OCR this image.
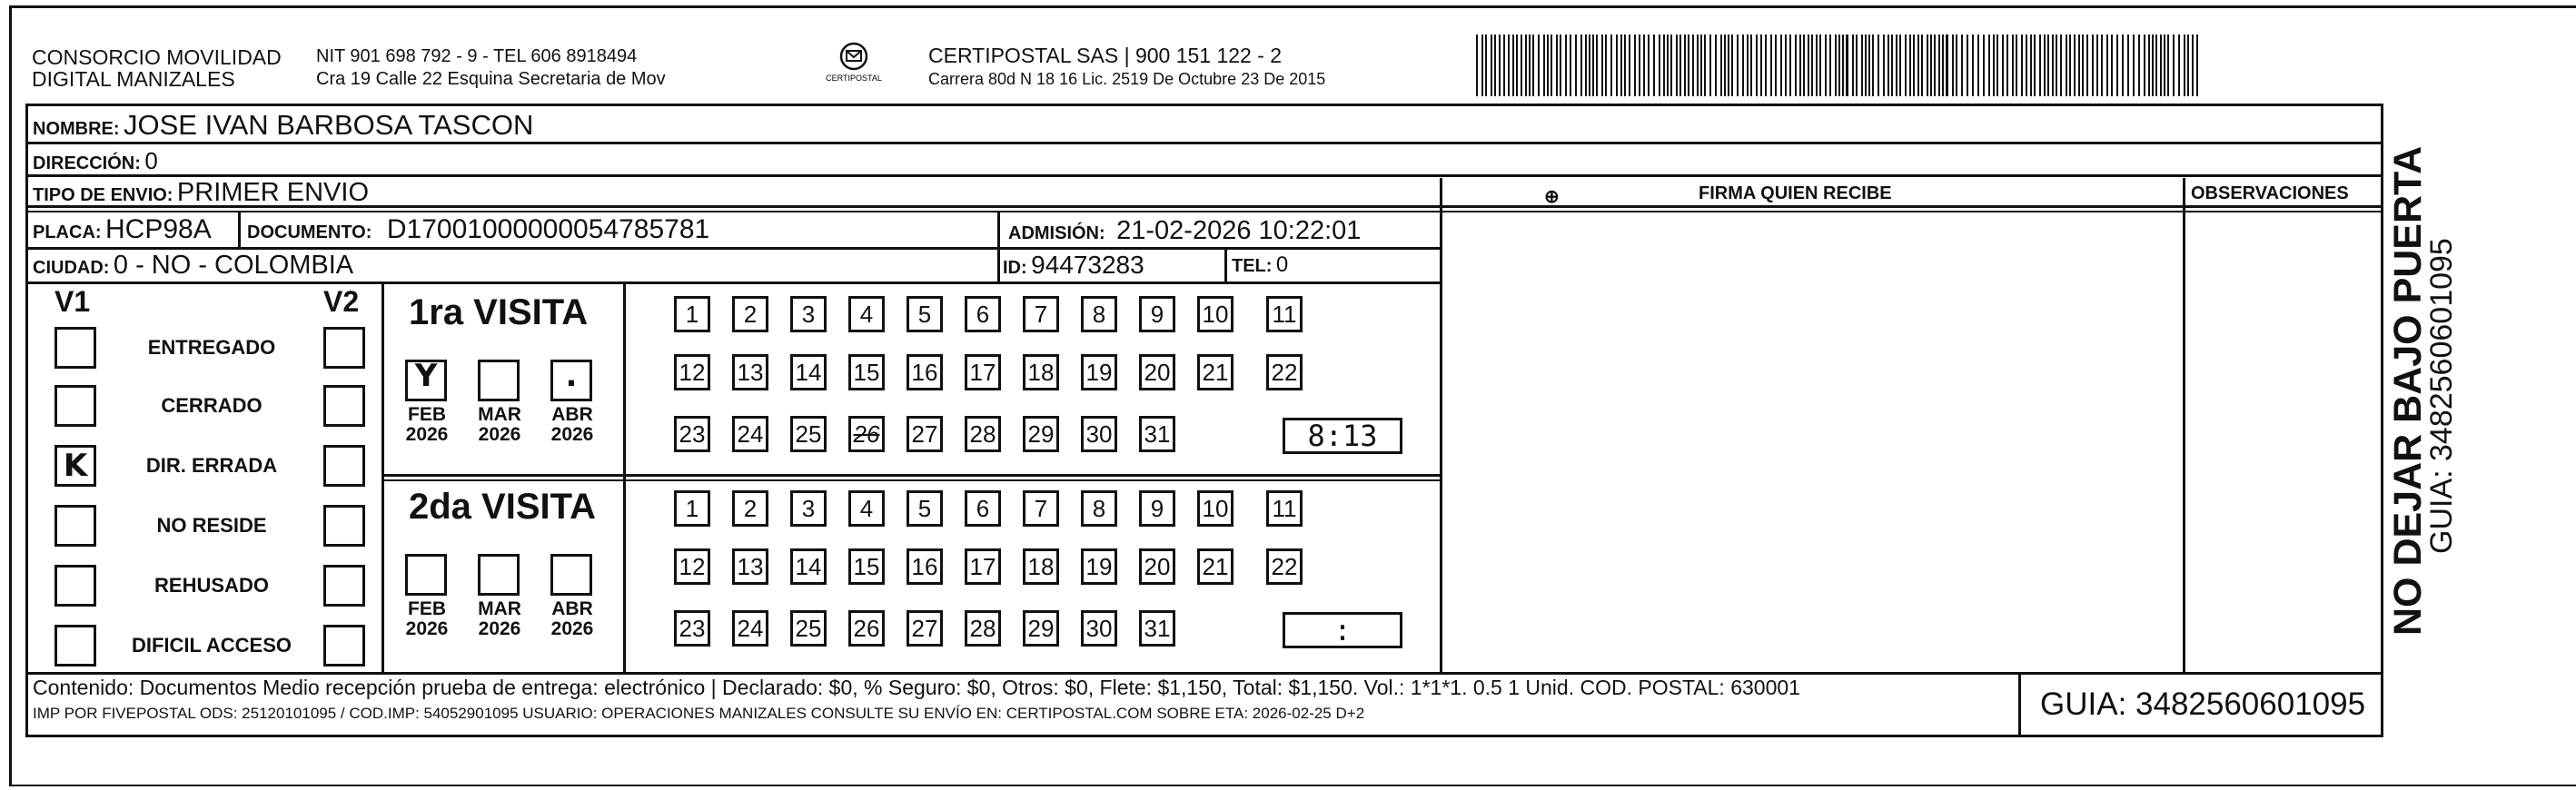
CONSORCIO MOVILIDAD
DIGITAL MANIZALES
NIT 901 698 792 - 9 - TEL 606 8918494
Cra 19 Calle 22 Esquina Secretaria de Mov	CERTIPOSTAL
CERTIPOSTAL SAS | 900 151 122 - 2
Carrera 80d N 18 16 Lic. 2519 De Octubre 23 De 2015
NOMBRE: JOSE IVAN BARBOSA TASCON
DIRECCIÓN: 0
TIPO DE ENVIO: PRIMER ENVIO	⊕	FIRMA QUIEN RECIBE	OBSERVACIONES
PLACA: HCP98A DOCUMENTO: D17001000000054785781	ADMISIÓN: 21-02-2026 10:22:01
CIUDAD: 0 - NO - COLOMBIA	ID: 94473283	TEL: 0
V1	V2
ENTREGADO
CERRADO
K	DIR. ERRADA
NO RESIDE
REHUSADO
DIFICIL ACCESO
1ra VISITA
Y
FEB
2026
MAR
2026
.
ABR
2026
1	2	3	4	5	6	7	8	9	10 11
12 13 14 15 16 17 18 19 20 21 22
23 24 25 26 27 28 29 30 31	8:13
2da VISITA
FEB
2026
MAR
2026
ABR
2026
1	2	3	4	5	6	7	8	9	10 11
12 13 14 15 16 17 18 19 20 21 22
23 24 25 26 27 28 29 30 31	:
Contenido: Documentos Medio recepción prueba de entrega: electrónico | Declarado: $0, % Seguro: $0, Otros: $0, Flete: $1,150, Total: $1,150. Vol.: 1*1*1. 0.5 1 Unid. COD. POSTAL: 630001
IMP POR FIVEPOSTAL ODS: 25120101095 / COD.IMP: 54052901095 USUARIO: OPERACIONES MANIZALES CONSULTE SU ENVÍO EN: CERTIPOSTAL.COM SOBRE ETA: 2026-02-25 D+2	GUIA: 3482560601095
NO DEJAR BAJO PUERTA
GUIA: 3482560601095
